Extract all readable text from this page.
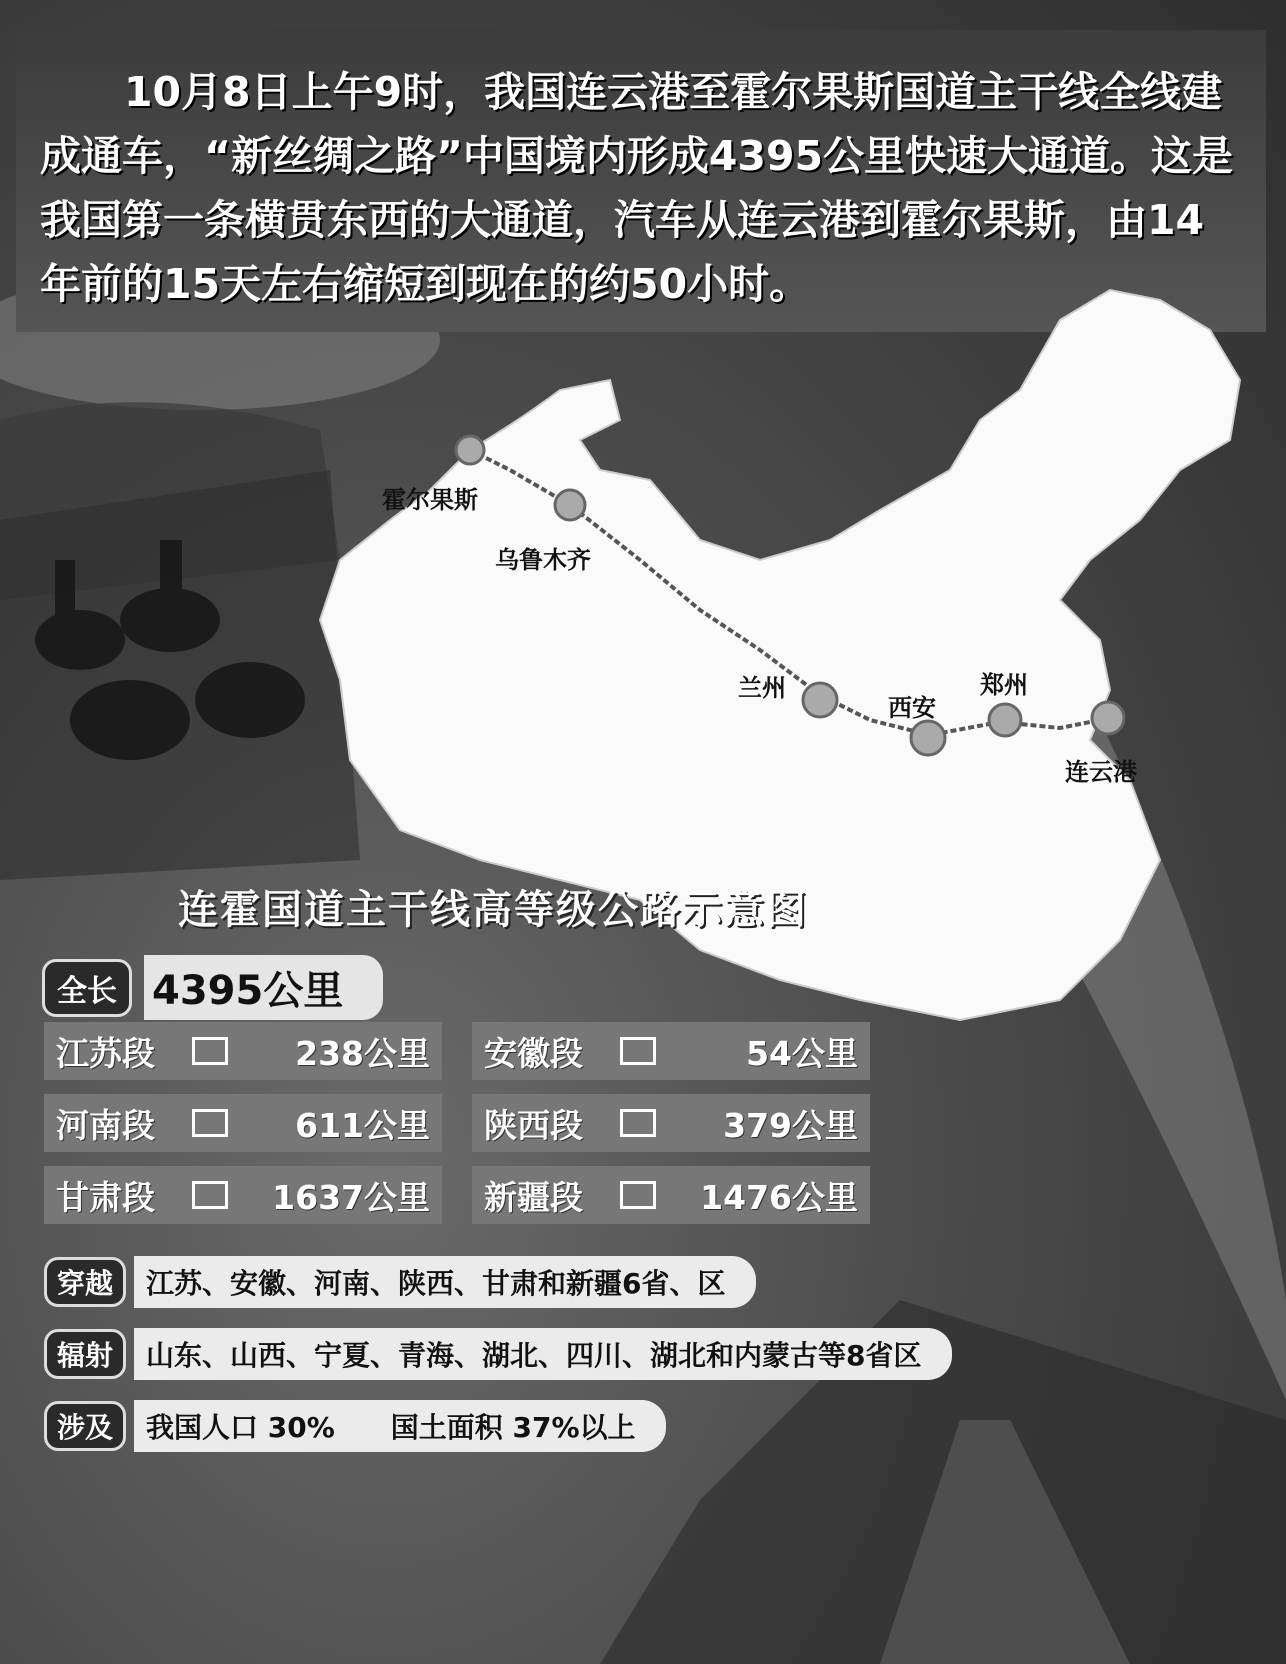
10月8日上午9时，我国连云港至霍尔果斯国道主干线全线建成通车，“新丝绸之路”中国境内形成4395公里快速大通道。这是我国第一条横贯东西的大通道，汽车从连云港到霍尔果斯，由14年前的15天左右缩短到现在的约50小时。
霍尔果斯
乌鲁木齐
兰州
西安
郑州
连云港
连霍国道主干线高等级公路示意图
全长 4395公里
江苏段	238公里 安徽段	54公里
河南段	611公里 陕西段	379公里
甘肃段	1637公里 新疆段	1476公里
穿越	江苏、安徽、河南、陕西、甘肃和新疆6省、区
辐射	山东、山西、宁夏、青海、湖北、四川、湖北和内蒙古等8省区
涉及	我国人口 30%　　国土面积 37%以上
